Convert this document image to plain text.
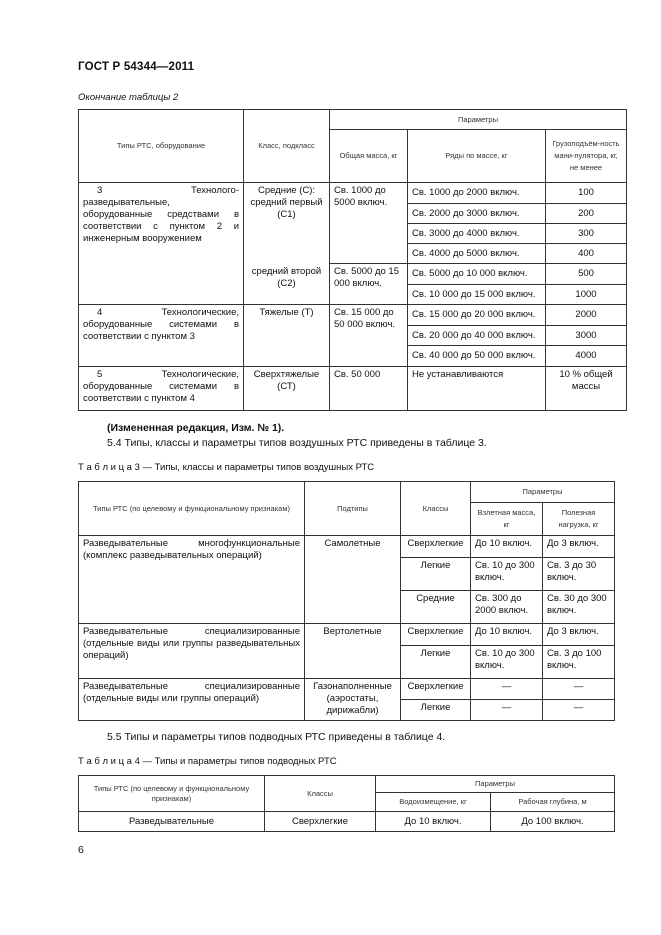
ГОСТ Р 54344—2011
Окончание таблицы 2
Типы РТС, оборудование	Класс, подкласс	Параметры		
		Общая масса, кг	Ряды по массе, кг	Грузоподъём-ность мани-пулятора, кг, не менее
3 Технолого-разведывательные, оборудованные средствами в соответствии с пунктом 2 и инженерным вооружением	Средние (С): средний первый (С1)	Св. 1000 до 5000 включ.	Св. 1000 до 2000 включ.	100
			Св. 2000 до 3000 включ.	200
			Св. 3000 до 4000 включ.	300
			Св. 4000 до 5000 включ.	400
	средний второй (С2)	Св. 5000 до 15 000 включ.	Св. 5000 до 10 000 включ.	500
			Св. 10 000 до 15 000 включ.	1000
4 Технологические, оборудованные системами в соответствии с пунктом 3	Тяжелые (Т)	Св. 15 000 до 50 000 включ.	Св. 15 000 до 20 000 включ.	2000
			Св. 20 000 до 40 000 включ.	3000
			Св. 40 000 до 50 000 включ.	4000
5 Технологические, оборудованные системами в соответствии с пунктом 4	Сверхтяжелые (СТ)	Св. 50 000	Не устанавливаются	10 % общей массы
(Измененная редакция, Изм. № 1).
5.4 Типы, классы и параметры типов воздушных РТС приведены в таблице 3.
Т а б л и ц а 3 — Типы, классы и параметры типов воздушных РТС
Типы РТС (по целевому и функциональному признакам)	Подтипы	Классы	Параметры	
			Взлетная масса, кг	Полезная нагрузка, кг
Разведывательные многофункциональные (комплекс разведывательных операций)	Самолетные	Сверхлегкие	До 10 включ.	До 3 включ.
		Легкие	Св. 10 до 300 включ.	Св. 3 до 30 включ.
		Средние	Св. 300 до 2000 включ.	Св. 30 до 300 включ.
Разведывательные специализированные (отдельные виды или группы разведывательных операций)	Вертолетные	Сверхлегкие	До 10 включ.	До 3 включ.
		Легкие	Св. 10 до 300 включ.	Св. 3 до 100 включ.
Разведывательные специализированные (отдельные виды или группы операций)	Газонаполненные (аэростаты, дирижабли)	Сверхлегкие	—	—
		Легкие	—	—
5.5 Типы и параметры типов подводных РТС приведены в таблице 4.
Т а б л и ц а 4 — Типы и параметры типов подводных РТС
Типы РТС (по целевому и функциональному признакам)	Классы	Параметры	
		Водоизмещение, кг	Рабочая глубина, м
Разведывательные	Сверхлегкие	До 10 включ.	До 100 включ.
6
